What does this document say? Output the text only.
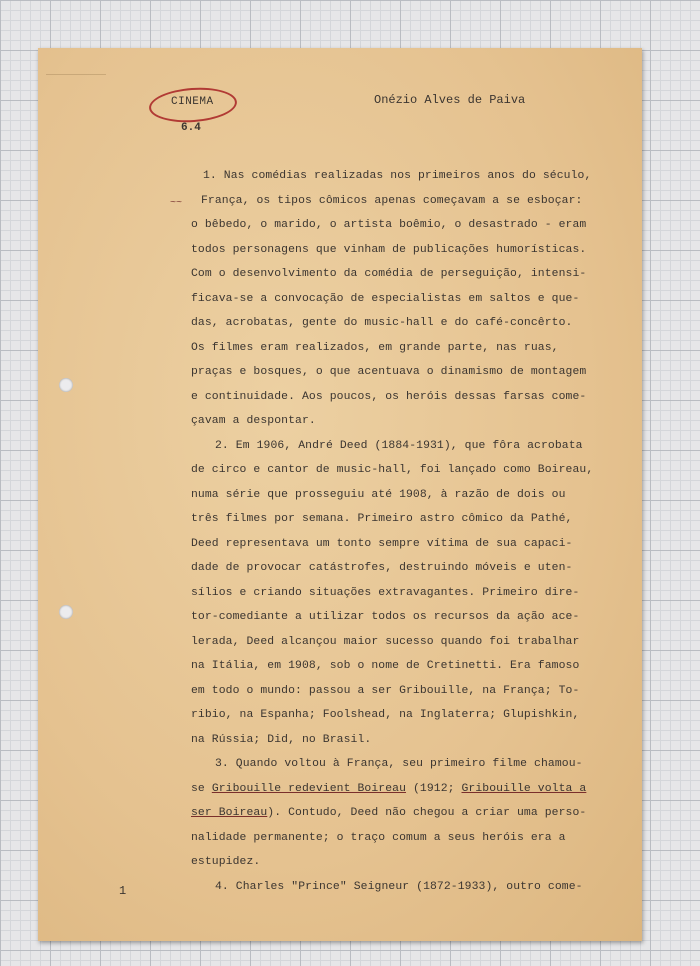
CINEMA
6.4
Onézio Alves de Paiva
~~
1
1. Nas comédias realizadas nos primeiros anos do século,
França, os tipos cômicos apenas começavam a se esboçar:
o bêbedo, o marido, o artista boêmio, o desastrado - eram
todos personagens que vinham de publicações humorísticas.
Com o desenvolvimento da comédia de perseguição, intensi-
ficava-se a convocação de especialistas em saltos e que-
das, acrobatas, gente do music-hall e do café-concêrto.
Os filmes eram realizados, em grande parte, nas ruas,
praças e bosques, o que acentuava o dinamismo de montagem
e continuidade. Aos poucos, os heróis dessas farsas come-
çavam a despontar.
2. Em 1906, André Deed (1884-1931), que fôra acrobata
de circo e cantor de music-hall, foi lançado como Boireau,
numa série que prosseguiu até 1908, à razão de dois ou
três filmes por semana. Primeiro astro cômico da Pathé,
Deed representava um tonto sempre vítima de sua capaci-
dade de provocar catástrofes, destruindo móveis e uten-
sílios e criando situações extravagantes. Primeiro dire-
tor-comediante a utilizar todos os recursos da ação ace-
lerada, Deed alcançou maior sucesso quando foi trabalhar
na Itália, em 1908, sob o nome de Cretinetti. Era famoso
em todo o mundo: passou a ser Gribouille, na França; To-
ribio, na Espanha; Foolshead, na Inglaterra; Glupishkin,
na Rússia; Did, no Brasil.
3. Quando voltou à França, seu primeiro filme chamou-
se Gribouille redevient Boireau (1912; Gribouille volta a
ser Boireau). Contudo, Deed não chegou a criar uma perso-
nalidade permanente; o traço comum a seus heróis era a
estupidez.
4. Charles "Prince" Seigneur (1872-1933), outro come-
